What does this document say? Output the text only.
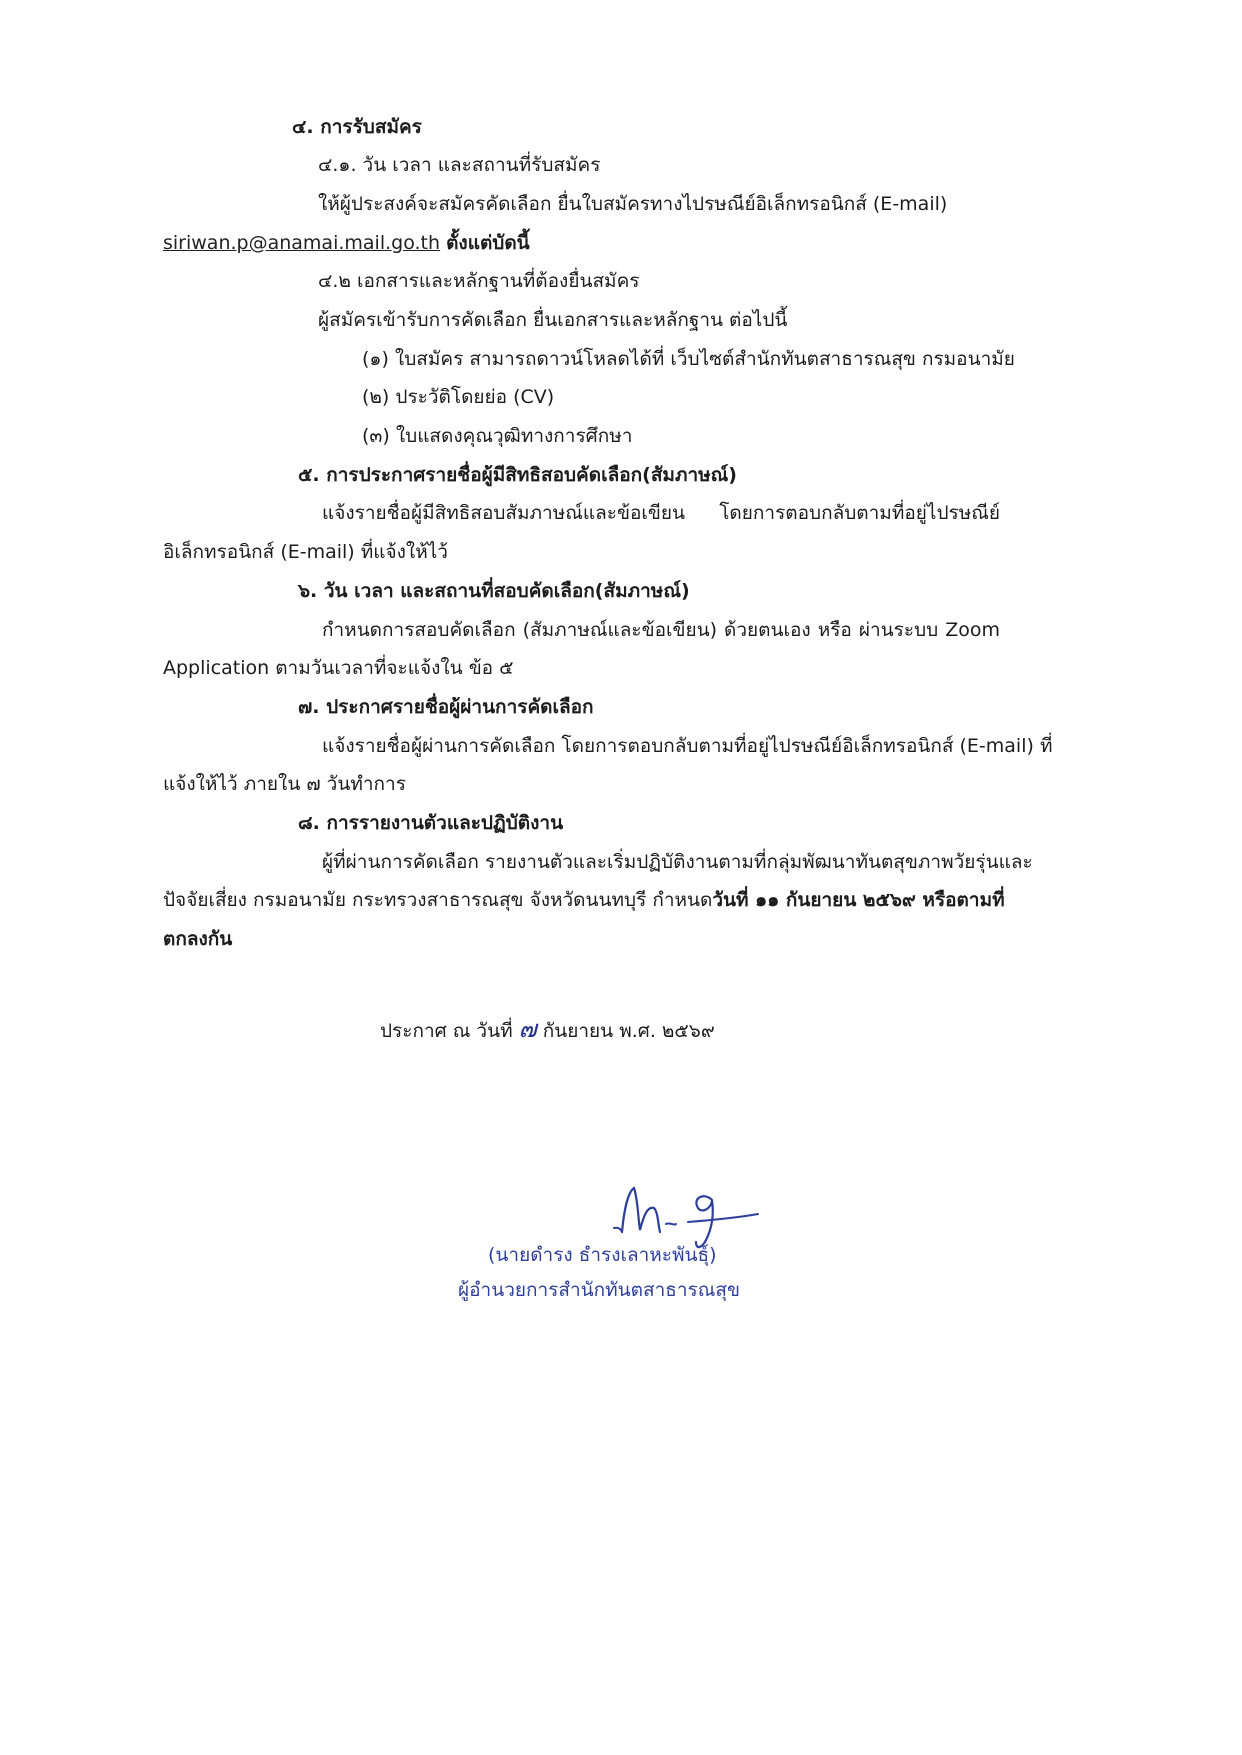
๔. การรับสมัคร
๔.๑. วัน เวลา และสถานที่รับสมัคร
ให้ผู้ประสงค์จะสมัครคัดเลือก ยื่นใบสมัครทางไปรษณีย์อิเล็กทรอนิกส์ (E-mail)
siriwan.p@anamai.mail.go.th ตั้งแต่บัดนี้
๔.๒ เอกสารและหลักฐานที่ต้องยื่นสมัคร
ผู้สมัครเข้ารับการคัดเลือก ยื่นเอกสารและหลักฐาน ต่อไปนี้
(๑) ใบสมัคร สามารถดาวน์โหลดได้ที่ เว็บไซต์สำนักทันตสาธารณสุข กรมอนามัย
(๒) ประวัติโดยย่อ (CV)
(๓) ใบแสดงคุณวุฒิทางการศึกษา
๕. การประกาศรายชื่อผู้มีสิทธิสอบคัดเลือก(สัมภาษณ์)
แจ้งรายชื่อผู้มีสิทธิสอบสัมภาษณ์และข้อเขียน โดยการตอบกลับตามที่อยู่ไปรษณีย์
อิเล็กทรอนิกส์ (E-mail) ที่แจ้งให้ไว้
๖. วัน เวลา และสถานที่สอบคัดเลือก(สัมภาษณ์)
กำหนดการสอบคัดเลือก (สัมภาษณ์และข้อเขียน) ด้วยตนเอง หรือ ผ่านระบบ Zoom
Application ตามวันเวลาที่จะแจ้งใน ข้อ ๕
๗. ประกาศรายชื่อผู้ผ่านการคัดเลือก
แจ้งรายชื่อผู้ผ่านการคัดเลือก โดยการตอบกลับตามที่อยู่ไปรษณีย์อิเล็กทรอนิกส์ (E-mail) ที่
แจ้งให้ไว้ ภายใน ๗ วันทำการ
๘. การรายงานตัวและปฏิบัติงาน
ผู้ที่ผ่านการคัดเลือก รายงานตัวและเริ่มปฏิบัติงานตามที่กลุ่มพัฒนาทันตสุขภาพวัยรุ่นและ
ปัจจัยเสี่ยง กรมอนามัย กระทรวงสาธารณสุข จังหวัดนนทบุรี กำหนดวันที่ ๑๑ กันยายน ๒๕๖๙ หรือตามที่
ตกลงกัน
ประกาศ ณ วันที่ ๗ กันยายน พ.ศ. ๒๕๖๙
(นายดำรง ธำรงเลาหะพันธุ์)
ผู้อำนวยการสำนักทันตสาธารณสุข
